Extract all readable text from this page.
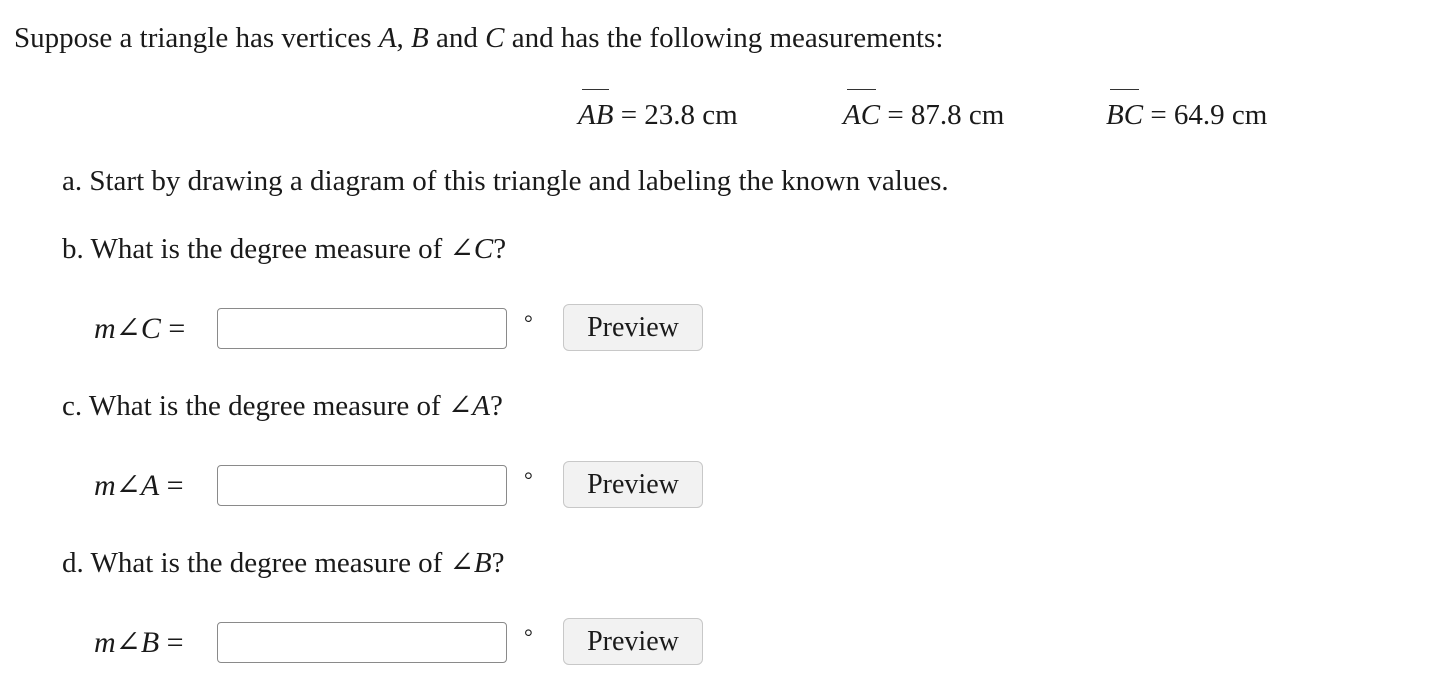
Suppose a triangle has vertices A, B and C and has the following measurements:
AB = 23.8 cm	AC = 87.8 cm	BC = 64.9 cm
a. Start by drawing a diagram of this triangle and labeling the known values.
b. What is the degree measure of ∠C?
m∠C =	°	Preview
c. What is the degree measure of ∠A?
m∠A =	°	Preview
d. What is the degree measure of ∠B?
m∠B =	°	Preview
